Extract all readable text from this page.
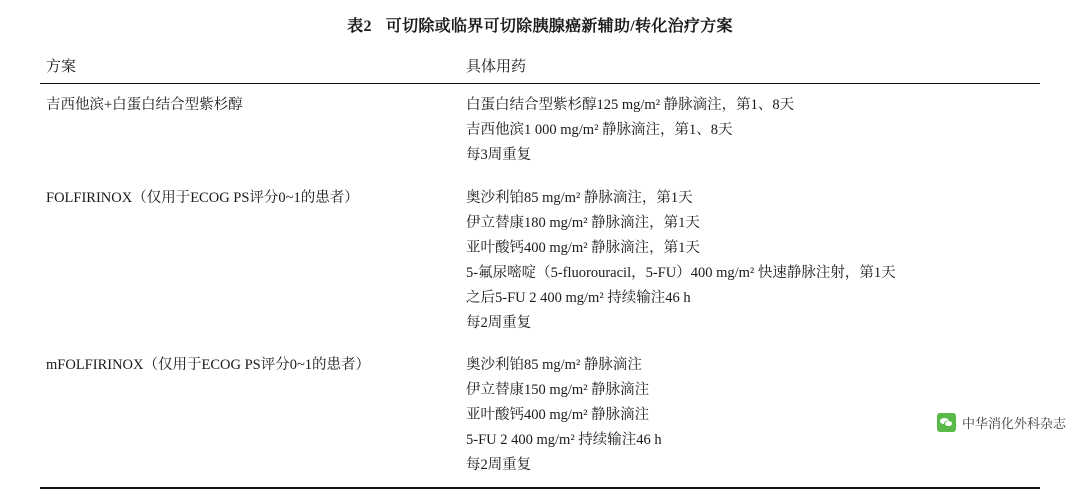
表2 可切除或临界可切除胰腺癌新辅助/转化治疗方案
方案	具体用药

吉西他滨+白蛋白结合型紫杉醇	白蛋白结合型紫杉醇125 mg/m² 静脉滴注，第1、8天
吉西他滨1 000 mg/m² 静脉滴注，第1、8天
每3周重复

FOLFIRINOX（仅用于ECOG PS评分0~1的患者）	奥沙利铂85 mg/m² 静脉滴注，第1天
伊立替康180 mg/m² 静脉滴注，第1天
亚叶酸钙400 mg/m² 静脉滴注，第1天
5-氟尿嘧啶（5-fluorouracil，5-FU）400 mg/m² 快速静脉注射，第1天
之后5-FU 2 400 mg/m² 持续输注46 h
每2周重复

mFOLFIRINOX（仅用于ECOG PS评分0~1的患者）	奥沙利铂85 mg/m² 静脉滴注
伊立替康150 mg/m² 静脉滴注
亚叶酸钙400 mg/m² 静脉滴注
5-FU 2 400 mg/m² 持续输注46 h
每2周重复
中华消化外科杂志
